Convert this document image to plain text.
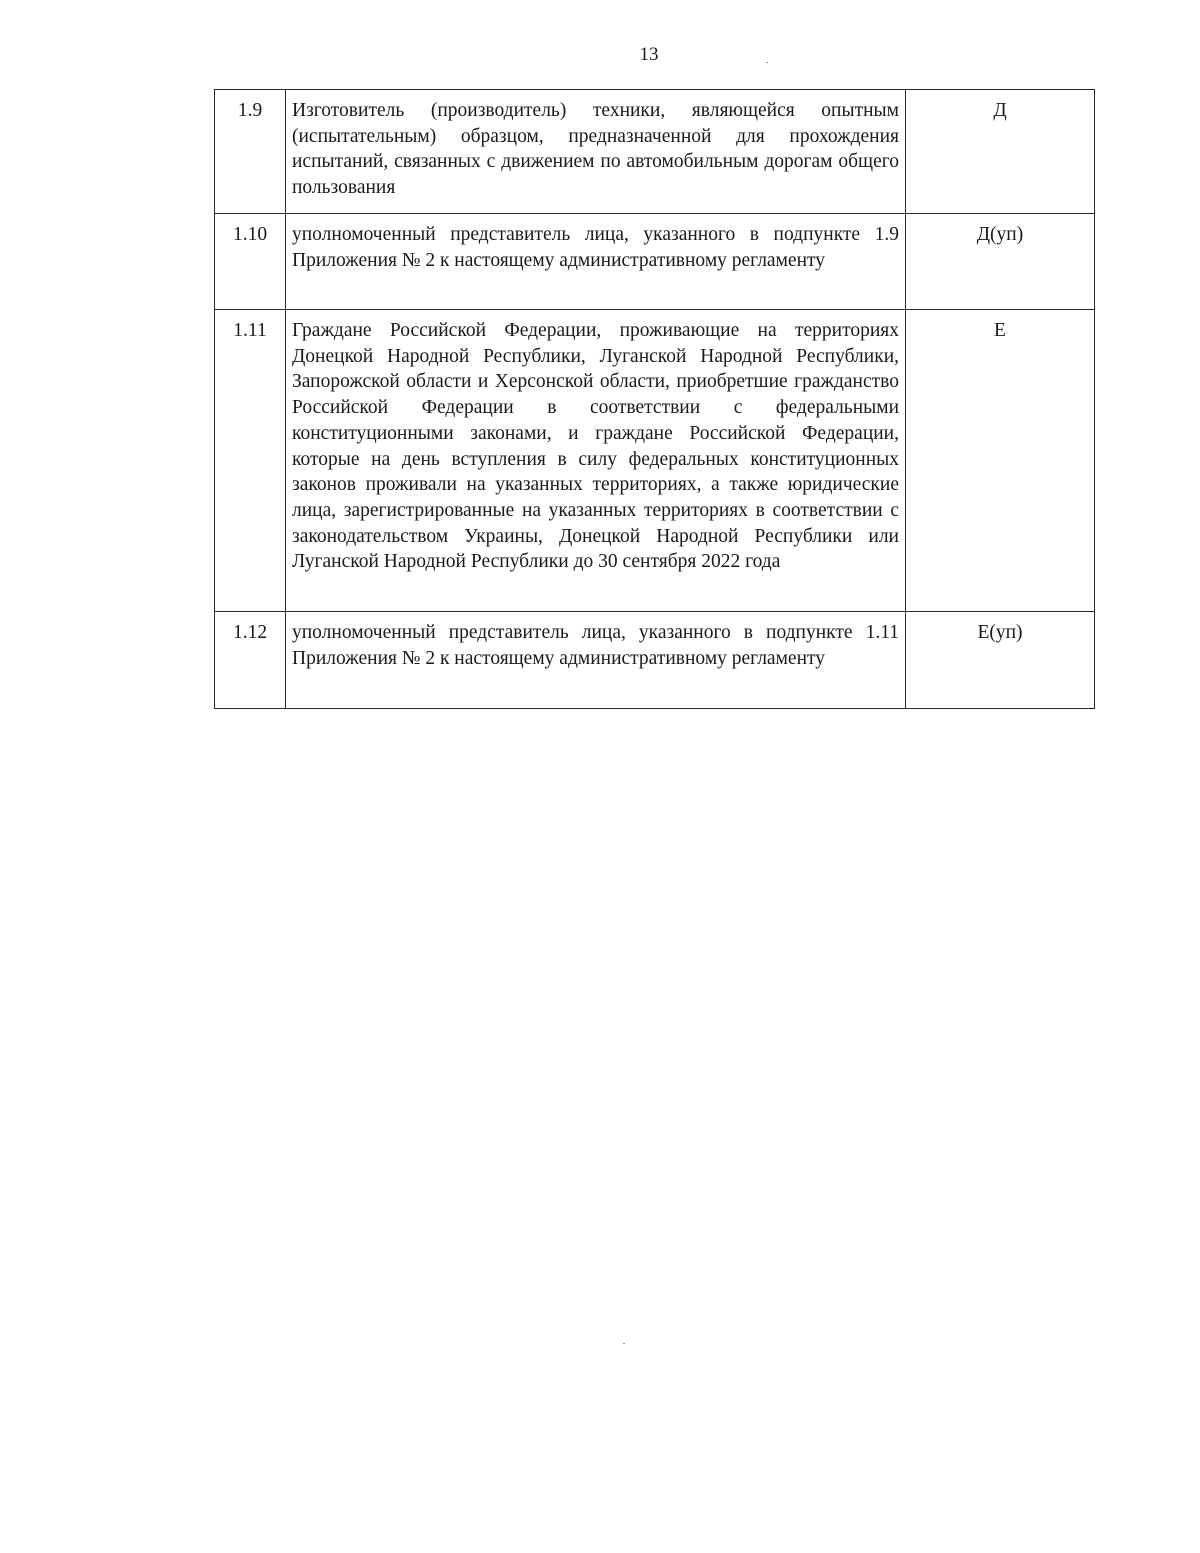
13
1.9	Изготовитель (производитель) техники, являющейся опытным (испытательным) образцом, предназначенной для прохождения испытаний, связанных с движением по автомобильным дорогам общего пользования	Д
1.10	уполномоченный представитель лица, указанного в подпункте 1.9 Приложения № 2 к настоящему административному регламенту	Д(уп)
1.11	Граждане Российской Федерации, проживающие на территориях Донецкой Народной Республики, Луганской Народной Республики, Запорожской области и Херсонской области, приобретшие гражданство Российской Федерации в соответствии с федеральными конституционными законами, и граждане Российской Федерации, которые на день вступления в силу федеральных конституционных законов проживали на указанных территориях, а также юридические лица, зарегистрированные на указанных территориях в соответствии с законодательством Украины, Донецкой Народной Республики или Луганской Народной Республики до 30 сентября 2022 года	Е
1.12	уполномоченный представитель лица, указанного в подпункте 1.11 Приложения № 2 к настоящему административному регламенту	Е(уп)
